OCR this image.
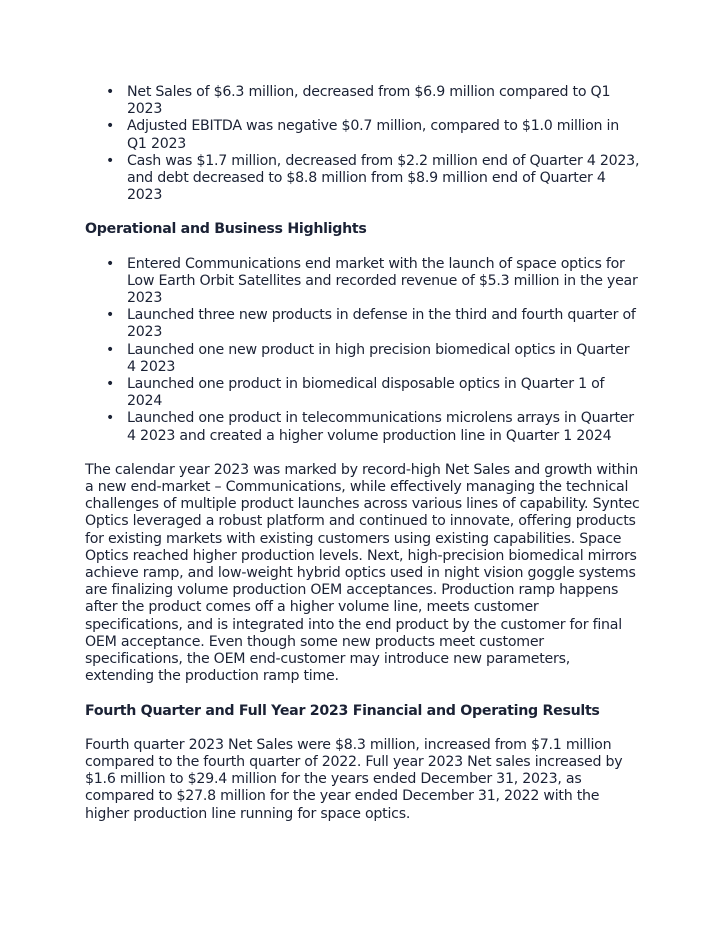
• Net Sales of $6.3 million, decreased from $6.9 million compared to Q1 2023
• Adjusted EBITDA was negative $0.7 million, compared to $1.0 million in Q1 2023
• Cash was $1.7 million, decreased from $2.2 million end of Quarter 4 2023, and debt decreased to $8.8 million from $8.9 million end of Quarter 4 2023
Operational and Business Highlights
• Entered Communications end market with the launch of space optics for Low Earth Orbit Satellites and recorded revenue of $5.3 million in the year 2023
• Launched three new products in defense in the third and fourth quarter of 2023
• Launched one new product in high precision biomedical optics in Quarter 4 2023
• Launched one product in biomedical disposable optics in Quarter 1 of 2024
• Launched one product in telecommunications microlens arrays in Quarter 4 2023 and created a higher volume production line in Quarter 1 2024

The calendar year 2023 was marked by record-high Net Sales and growth within a new end-market – Communications, while effectively managing the technical challenges of multiple product launches across various lines of capability. Syntec Optics leveraged a robust platform and continued to innovate, offering products for existing markets with existing customers using existing capabilities. Space Optics reached higher production levels. Next, high-precision biomedical mirrors achieve ramp, and low-weight hybrid optics used in night vision goggle systems are finalizing volume production OEM acceptances. Production ramp happens after the product comes off a higher volume line, meets customer specifications, and is integrated into the end product by the customer for final OEM acceptance. Even though some new products meet customer specifications, the OEM end-customer may introduce new parameters, extending the production ramp time.

Fourth Quarter and Full Year 2023 Financial and Operating Results

Fourth quarter 2023 Net Sales were $8.3 million, increased from $7.1 million compared to the fourth quarter of 2022. Full year 2023 Net sales increased by $1.6 million to $29.4 million for the years ended December 31, 2023, as compared to $27.8 million for the year ended December 31, 2022 with the higher production line running for space optics.
